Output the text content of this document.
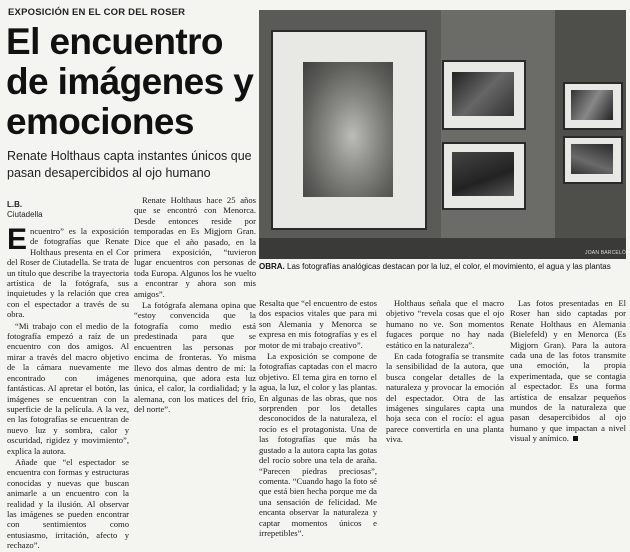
EXPOSICIÓN EN EL COR DEL ROSER
El encuentro de imágenes y emociones

Renate Holthaus capta instantes únicos que pasan desapercibidos al ojo humano

L.B.
Ciutadella
JOAN BARCELÓ
OBRA. Las fotografías analógicas destacan por la luz, el color, el movimiento, el agua y las plantas

Encuentro” es la exposición de fotografías que Renate Holthaus presenta en el Cor del Roser de Ciutadella. Se trata de un título que describe la trayectoria artística de la fotógrafa, sus inquietudes y la relación que crea con el espectador a través de su obra.

“Mi trabajo con el medio de la fotografía empezó a raíz de un encuentro con dos amigos. Al mirar a través del macro objetivo de la cámara nuevamente me encontrado con imágenes fantásticas. Al apretar el botón, las imágenes se encuentran con la superficie de la película. A la vez, en las fotografías se encuentran de nuevo luz y sombra, calor y oscuridad, rigidez y movimiento”, explica la autora.

Añade que “el espectador se encuentra con formas y estructuras conocidas y nuevas que buscan animarle a un encuentro con la realidad y la ilusión. Al observar las imágenes se pueden encontrar con sentimientos como entusiasmo, irritación, afecto y rechazo”.

Renate Holthaus hace 25 años que se encontró con Menorca. Desde entonces reside por temporadas en Es Migjorn Gran. Dice que el año pasado, en la primera exposición, “tuvieron lugar encuentros con personas de toda Europa. Algunos los he vuelto a encontrar y ahora son mis amigos”.

La fotógrafa alemana opina que “estoy convencida que la fotografía como medio está predestinada para que se encuentren las personas por encima de fronteras. Yo misma llevo dos almas dentro de mí: la menorquina, que adora esta luz única, el calor, la cordialidad; y la alemana, con los matices del frío, del norte”.

Resalta que “el encuentro de estos dos espacios vitales que para mi son Alemania y Menorca se expresa en mis fotografías y es el motor de mi trabajo creativo”.

La exposición se compone de fotografías captadas con el macro objetivo. El tema gira en torno el agua, la luz, el color y las plantas. En algunas de las obras, que nos sorprenden por los detalles desconocidos de la naturaleza, el rocío es el protagonista. Una de las fotografías que más ha gustado a la autora capta las gotas del rocío sobre una tela de araña. “Parecen piedras preciosas”, comenta. “Cuando hago la foto sé que está bien hecha porque me da una sensación de felicidad. Me encanta observar la naturaleza y captar momentos únicos e irrepetibles”.

Holthaus señala que el macro objetivo “revela cosas que el ojo humano no ve. Son momentos fugaces porque no hay nada estático en la naturaleza”.

En cada fotografía se transmite la sensibilidad de la autora, que busca congelar detalles de la naturaleza y provocar la emoción del espectador. Otra de las imágenes singulares capta una hoja seca con el rocío: el agua parece convertirla en una planta viva.

Las fotos presentadas en El Roser han sido captadas por Renate Holthaus en Alemania (Bielefeld) y en Menorca (Es Migjorn Gran). Para la autora cada una de las fotos transmite una emoción, la propia experimentada, que se contagia al espectador. Es una forma artística de ensalzar pequeños mundos de la naturaleza que pasan desapercibidos al ojo humano y que impactan a nivel visual y anímico.
